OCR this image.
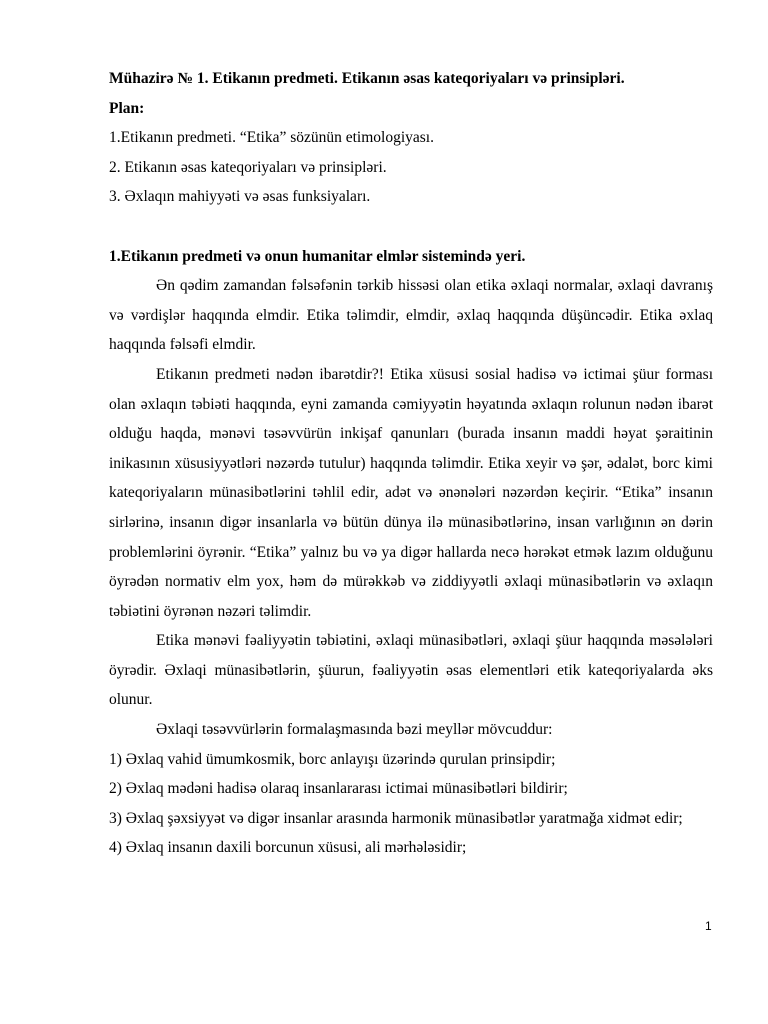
Mühazirə № 1. Etikanın predmeti. Etikanın əsas kateqoriyaları və prinsipləri.
Plan:
1.Etikanın predmeti. “Etika” sözünün etimologiyası.
2. Etikanın əsas kateqoriyaları və prinsipləri.
3. Əxlaqın mahiyyəti və əsas funksiyaları.
1.Etikanın predmeti və onun humanitar elmlər sistemində yeri.
Ən qədim zamandan fəlsəfənin tərkib hissəsi olan etika əxlaqi normalar, əxlaqi davranış və vərdişlər haqqında elmdir. Etika təlimdir, elmdir, əxlaq haqqında düşüncədir. Etika əxlaq haqqında fəlsəfi elmdir.
Etikanın predmeti nədən ibarətdir?! Etika xüsusi sosial hadisə və ictimai şüur forması olan əxlaqın təbiəti haqqında, eyni zamanda cəmiyyətin həyatında əxlaqın rolunun nədən ibarət olduğu haqda, mənəvi təsəvvürün inkişaf qanunları (burada insanın maddi həyat şəraitinin inikasının xüsusiyyətləri nəzərdə tutulur) haqqında təlimdir. Etika xeyir və şər, ədalət, borc kimi kateqoriyaların münasibətlərini təhlil edir, adət və ənənələri nəzərdən keçirir. “Etika” insanın sirlərinə, insanın digər insanlarla və bütün dünya ilə münasibətlərinə, insan varlığının ən dərin problemlərini öyrənir. “Etika” yalnız bu və ya digər hallarda necə hərəkət etmək lazım olduğunu öyrədən normativ elm yox, həm də mürəkkəb və ziddiyyətli əxlaqi münasibətlərin və əxlaqın təbiətini öyrənən nəzəri təlimdir.
Etika mənəvi fəaliyyətin təbiətini, əxlaqi münasibətləri, əxlaqi şüur haqqında məsələləri öyrədir. Əxlaqi münasibətlərin, şüurun, fəaliyyətin əsas elementləri etik kateqoriyalarda əks olunur.
Əxlaqi təsəvvürlərin formalaşmasında bəzi meyllər mövcuddur:
1) Əxlaq vahid ümumkosmik, borc anlayışı üzərində qurulan prinsipdir;
2) Əxlaq mədəni hadisə olaraq insanlararası ictimai münasibətləri bildirir;
3) Əxlaq şəxsiyyət və digər insanlar arasında harmonik münasibətlər yaratmağa xidmət edir;
4) Əxlaq insanın daxili borcunun xüsusi, ali mərhələsidir;
1
